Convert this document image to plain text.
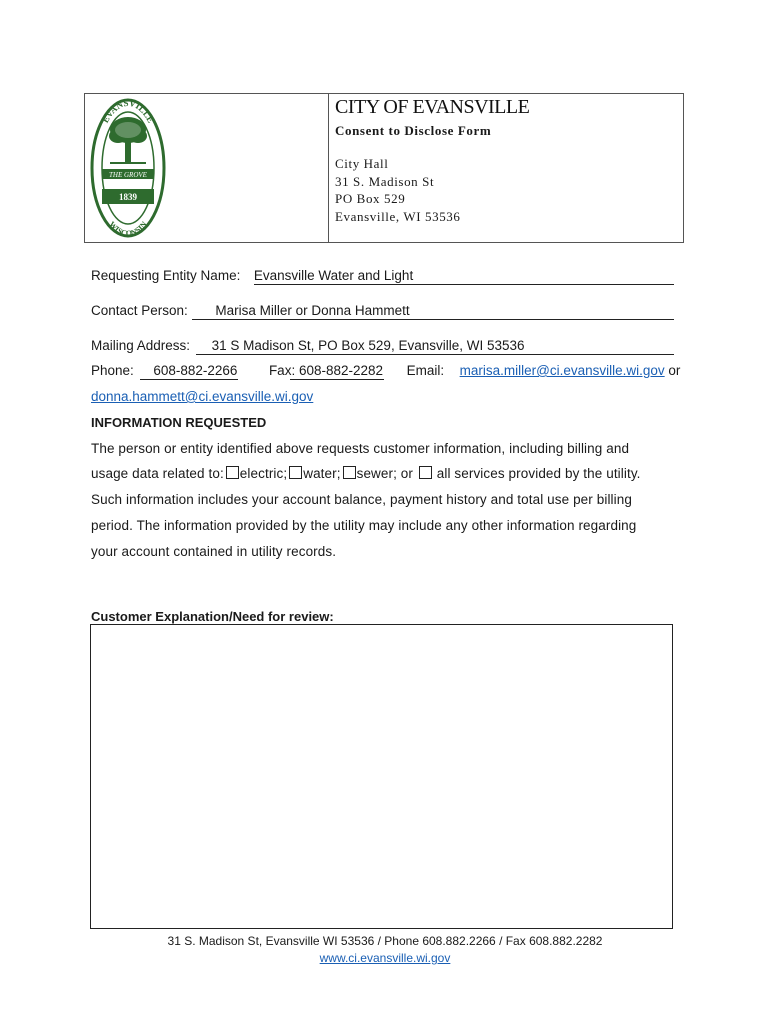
EVANSVILLE
WISCONSIN
THE GROVE
1839
CITY OF EVANSVILLE
Consent to Disclose Form
City Hall
31 S. Madison St
PO Box 529
Evansville, WI 53536
Requesting Entity Name: Evansville Water and Light
Contact Person: Marisa Miller or Donna Hammett
Mailing Address: 31 S Madison St, PO Box 529, Evansville, WI 53536
Phone: 608-882-2266 Fax: 608-882-2282 Email: marisa.miller@ci.evansville.wi.gov or
donna.hammett@ci.evansville.wi.gov
INFORMATION REQUESTED
The person or entity identified above requests customer information, including billing and
usage data related to: electric; water; sewer; or all services provided by the utility.
Such information includes your account balance, payment history and total use per billing
period. The information provided by the utility may include any other information regarding
your account contained in utility records.
Customer Explanation/Need for review:
31 S. Madison St, Evansville WI 53536 / Phone 608.882.2266 / Fax 608.882.2282
www.ci.evansville.wi.gov
